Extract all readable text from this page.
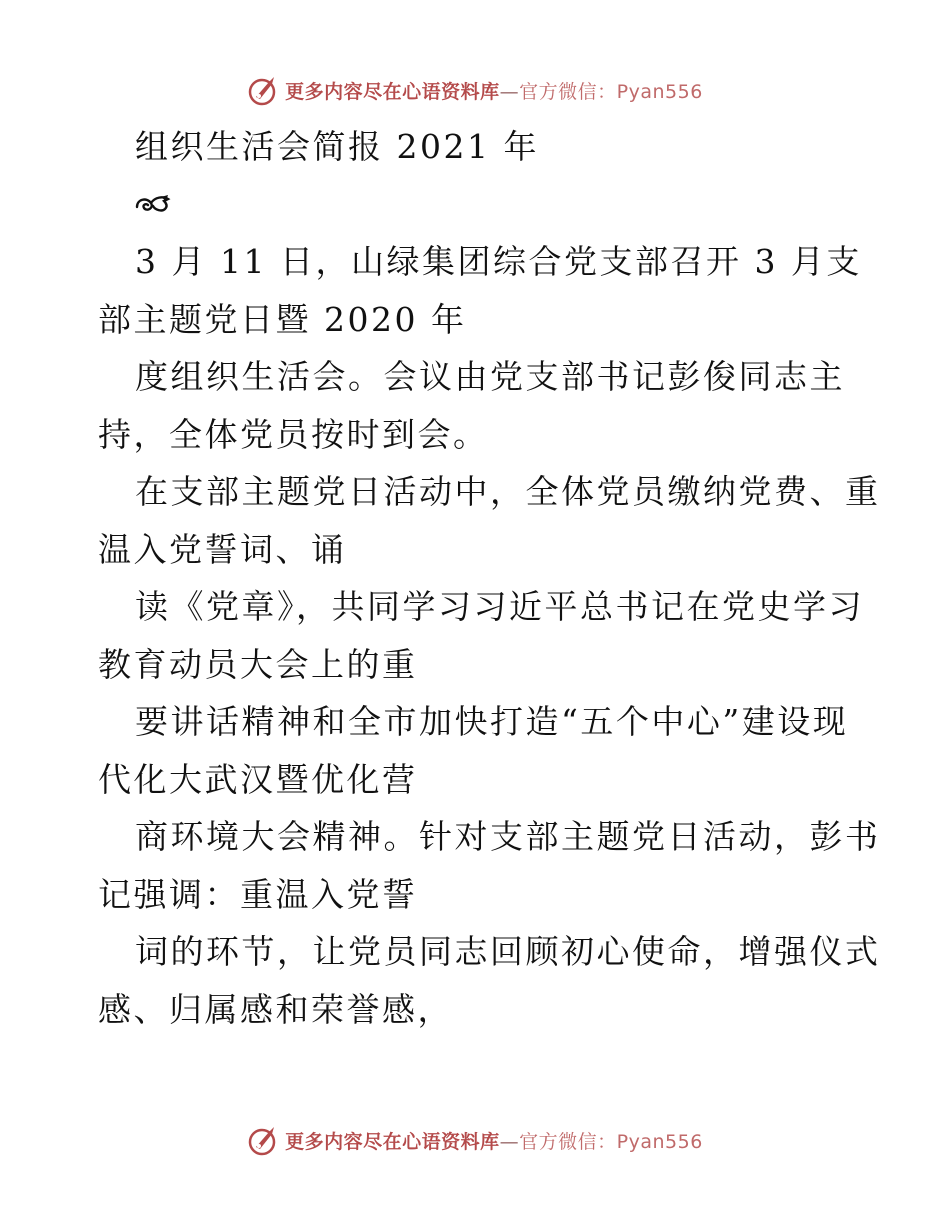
更多内容尽在心语资料库—官方微信：Pyan556
组织生活会简报 2021 年
3 月 11 日，山绿集团综合党支部召开 3 月支
部主题党日暨 2020 年
度组织生活会。会议由党支部书记彭俊同志主
持，全体党员按时到会。
在支部主题党日活动中，全体党员缴纳党费、重
温入党誓词、诵
读《党章》，共同学习习近平总书记在党史学习
教育动员大会上的重
要讲话精神和全市加快打造“五个中心”建设现
代化大武汉暨优化营
商环境大会精神。针对支部主题党日活动，彭书
记强调：重温入党誓
词的环节，让党员同志回顾初心使命，增强仪式
感、归属感和荣誉感，
更多内容尽在心语资料库—官方微信：Pyan556
